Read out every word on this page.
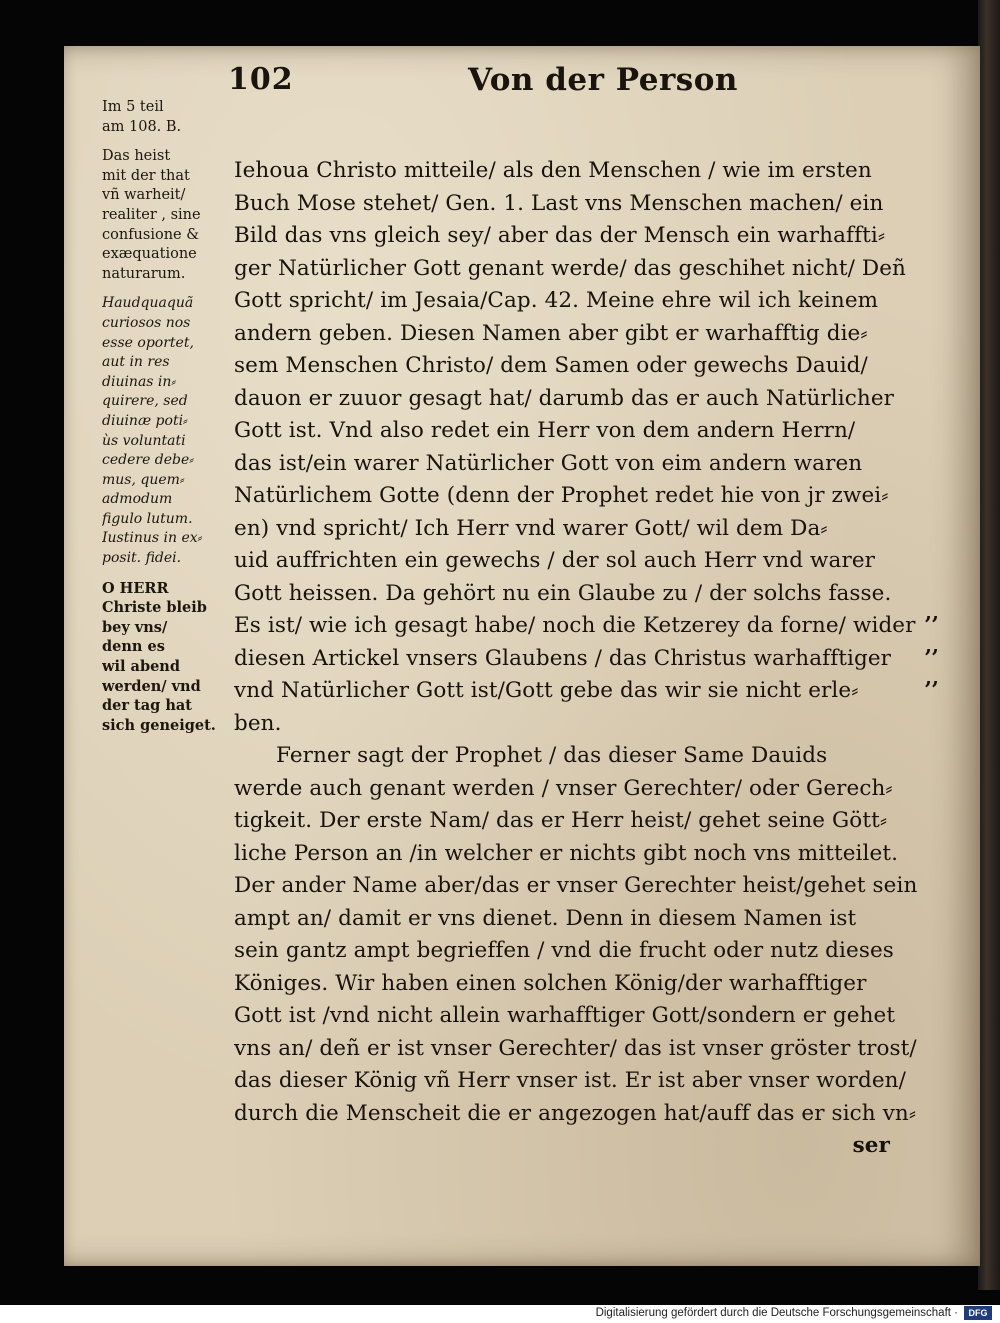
102	Von der Person
Im 5 teil
am 108. B.
Das heist
mit der that
vñ warheit/
realiter , sine
confusione &
exæquatione
naturarum.
Haudquaquã
curiosos nos
esse oportet,
aut in res
diuinas in⸗
quirere, sed
diuinæ poti⸗
ùs voluntati
cedere debe⸗
mus, quem⸗
admodum
figulo lutum.
Iustinus in ex⸗
posit. fidei.
O HERR
Christe bleib
bey vns/
denn es
wil abend
werden/ vnd
der tag hat
sich geneiget.
Iehoua Christo mitteile/ als den Menschen / wie im ersten
Buch Mose stehet/ Gen. 1. Last vns Menschen machen/ ein
Bild das vns gleich sey/ aber das der Mensch ein warhaffti⸗
ger Natürlicher Gott genant werde/ das geschihet nicht/ Deñ
Gott spricht/ im Jesaia/Cap. 42. Meine ehre wil ich keinem
andern geben. Diesen Namen aber gibt er warhafftig die⸗
sem Menschen Christo/ dem Samen oder gewechs Dauid/
dauon er zuuor gesagt hat/ darumb das er auch Natürlicher
Gott ist. Vnd also redet ein Herr von dem andern Herrn/
das ist/ein warer Natürlicher Gott von eim andern waren
Natürlichem Gotte (denn der Prophet redet hie von jr zwei⸗
en) vnd spricht/ Ich Herr vnd warer Gott/ wil dem Da⸗
uid auffrichten ein gewechs / der sol auch Herr vnd warer
Gott heissen. Da gehört nu ein Glaube zu / der solchs fasse.
Es ist/ wie ich gesagt habe/ noch die Ketzerey da forne/ wider
diesen Artickel vnsers Glaubens / das Christus warhafftiger
vnd Natürlicher Gott ist/Gott gebe das wir sie nicht erle⸗
ben.
Ferner sagt der Prophet / das dieser Same Dauids
werde auch genant werden / vnser Gerechter/ oder Gerech⸗
tigkeit. Der erste Nam/ das er Herr heist/ gehet seine Gött⸗
liche Person an /in welcher er nichts gibt noch vns mitteilet.
Der ander Name aber/das er vnser Gerechter heist/gehet sein
ampt an/ damit er vns dienet. Denn in diesem Namen ist
sein gantz ampt begrieffen / vnd die frucht oder nutz dieses
Königes. Wir haben einen solchen König/der warhafftiger
Gott ist /vnd nicht allein warhafftiger Gott/sondern er gehet
vns an/ deñ er ist vnser Gerechter/ das ist vnser gröster trost/
das dieser König vñ Herr vnser ist. Er ist aber vnser worden/
durch die Menscheit die er angezogen hat/auff das er sich vn⸗
ser
,,
,,
,,
Digitalisierung gefördert durch die Deutsche Forschungsgemeinschaft ·	DFG
